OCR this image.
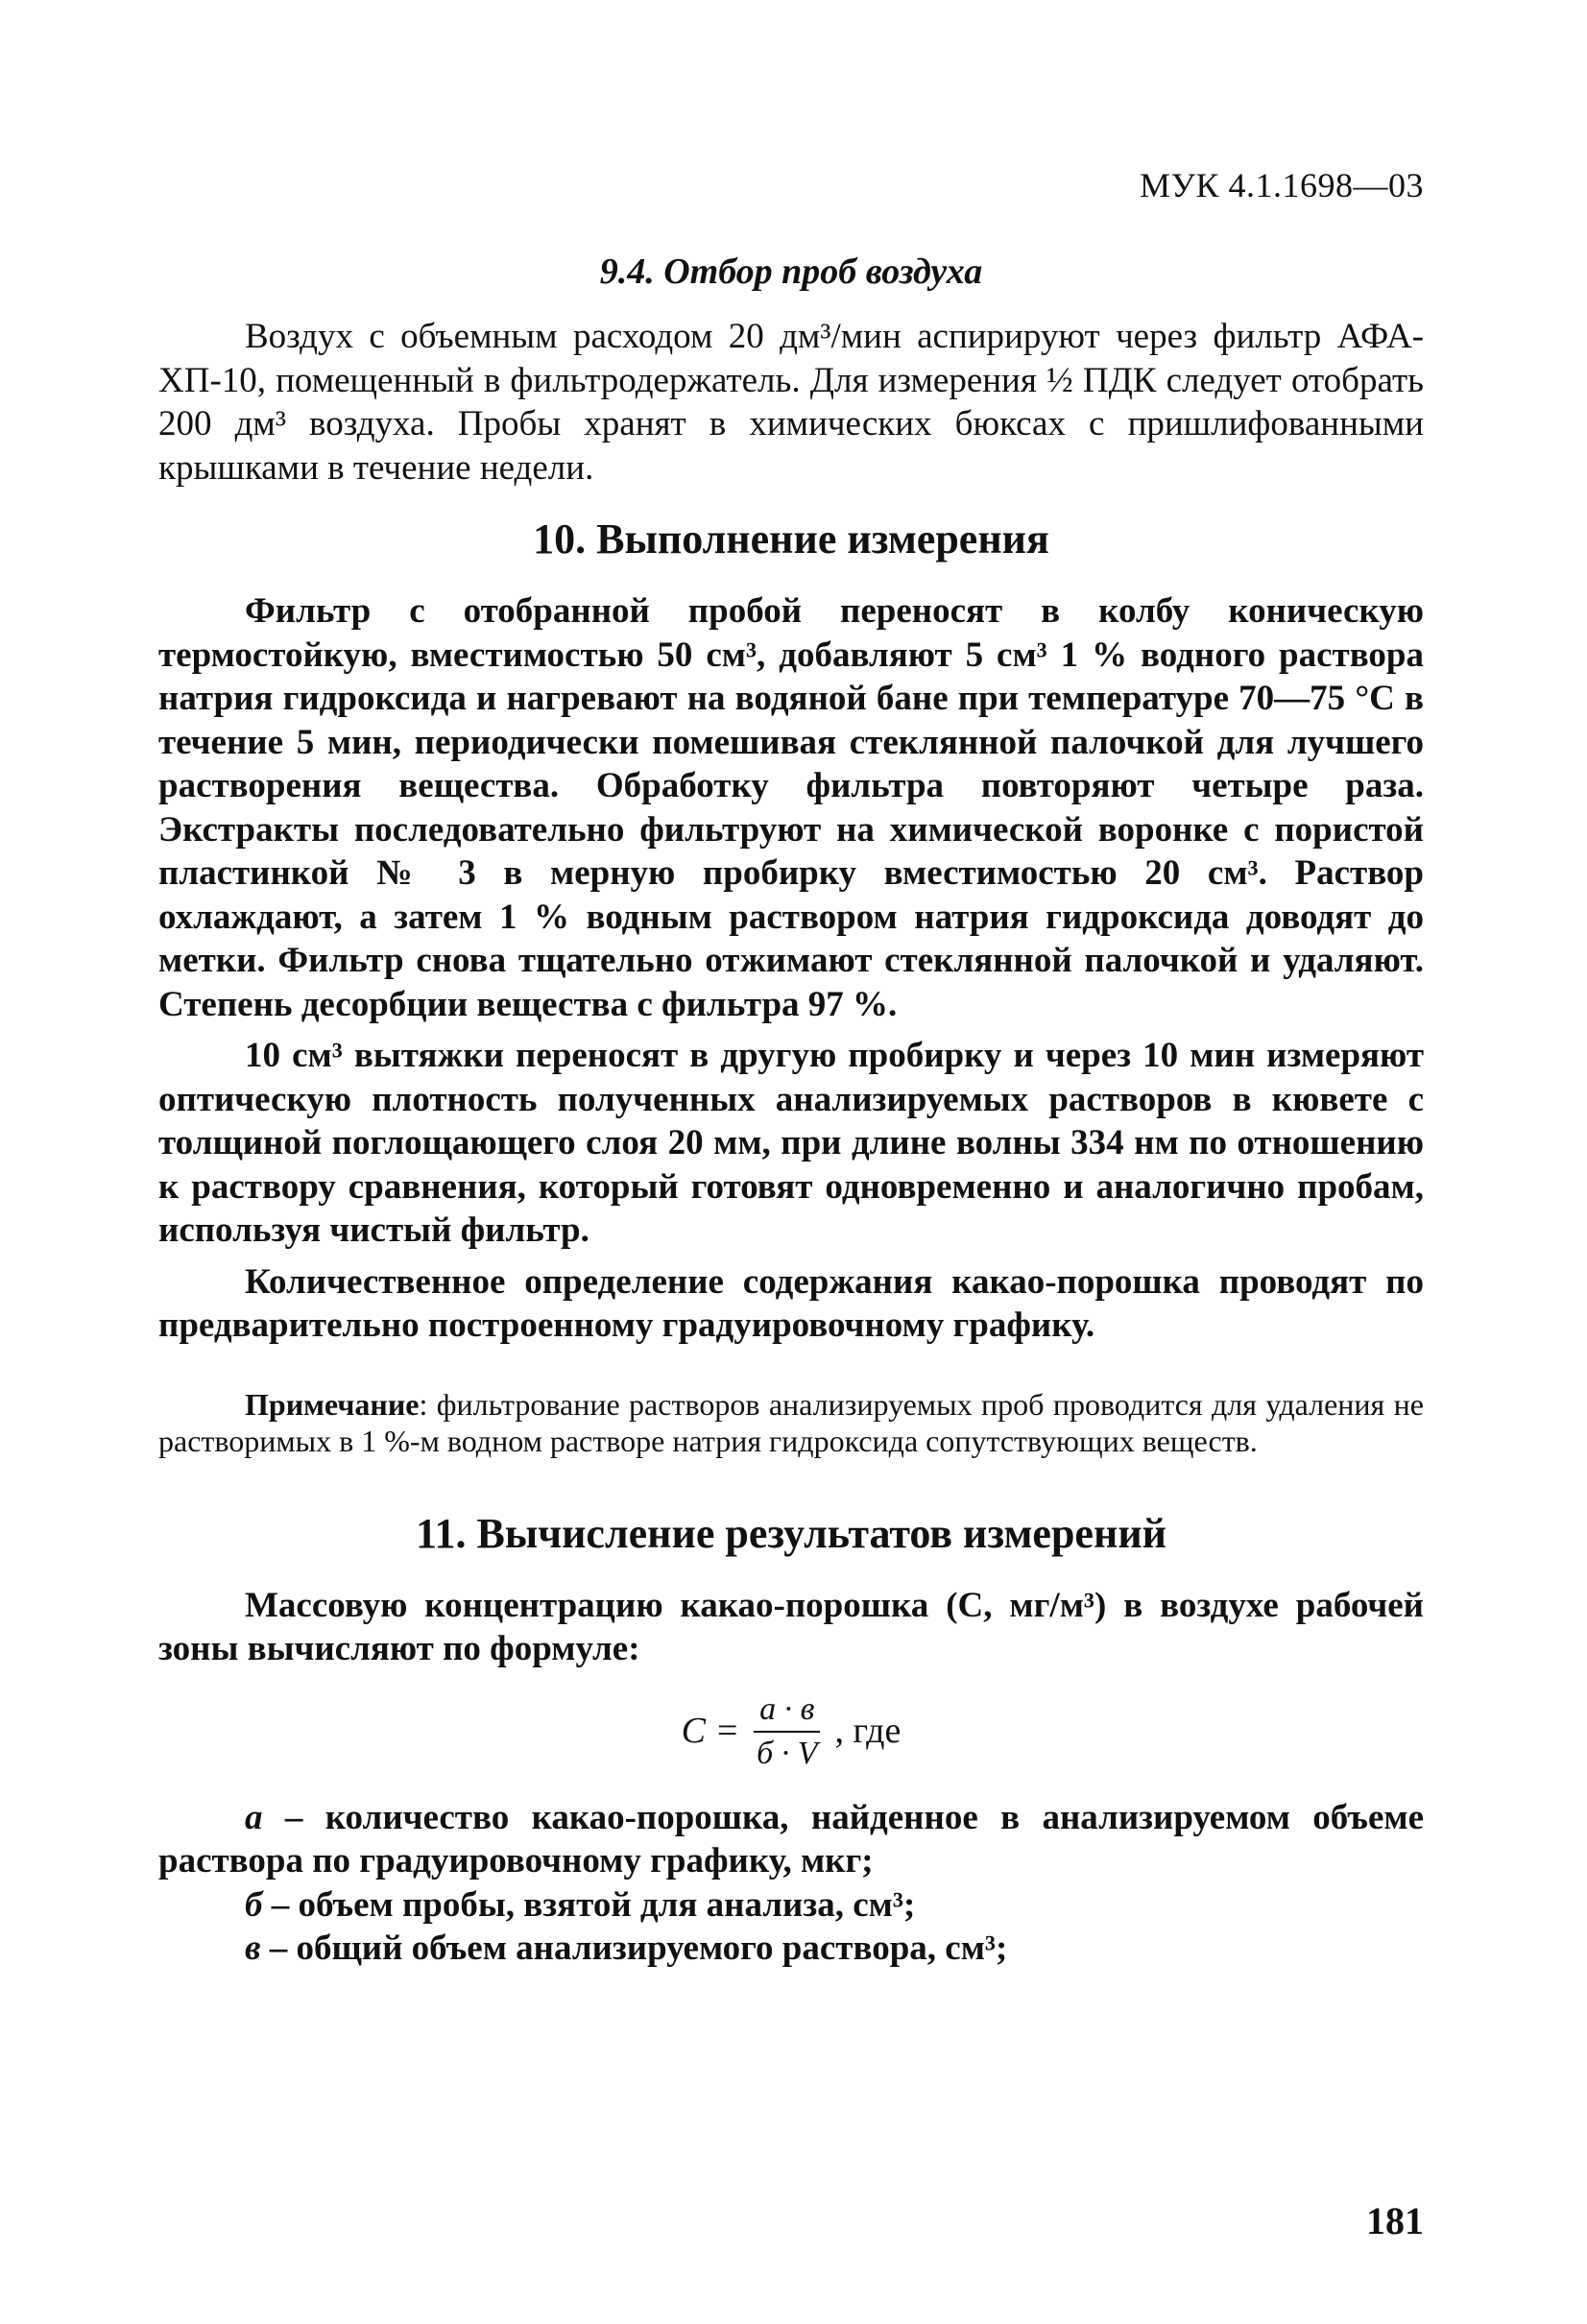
МУК 4.1.1698—03
9.4. Отбор проб воздуха

Воздух с объемным расходом 20 дм³/мин аспирируют через фильтр АФА-ХП-10, помещенный в фильтродержатель. Для измерения ½ ПДК следует отобрать 200 дм³ воздуха. Пробы хранят в химических бюксах с пришлифованными крышками в течение недели.

10. Выполнение измерения

Фильтр с отобранной пробой переносят в колбу коническую термостойкую, вместимостью 50 см³, добавляют 5 см³ 1 % водного раствора натрия гидроксида и нагревают на водяной бане при температуре 70—75 °С в течение 5 мин, периодически помешивая стеклянной палочкой для лучшего растворения вещества. Обработку фильтра повторяют четыре раза. Экстракты последовательно фильтруют на химической воронке с пористой пластинкой № 3 в мерную пробирку вместимостью 20 см³. Раствор охлаждают, а затем 1 % водным раствором натрия гидроксида доводят до метки. Фильтр снова тщательно отжимают стеклянной палочкой и удаляют. Степень десорбции вещества с фильтра 97 %.

10 см³ вытяжки переносят в другую пробирку и через 10 мин измеряют оптическую плотность полученных анализируемых растворов в кювете с толщиной поглощающего слоя 20 мм, при длине волны 334 нм по отношению к раствору сравнения, который готовят одновременно и аналогично пробам, используя чистый фильтр.

Количественное определение содержания какао-порошка проводят по предварительно построенному градуировочному графику.

Примечание: фильтрование растворов анализируемых проб проводится для удаления не растворимых в 1 %-м водном растворе натрия гидроксида сопутствующих веществ.

11. Вычисление результатов измерений

Массовую концентрацию какао-порошка (С, мг/м³) в воздухе рабочей зоны вычисляют по формуле:

$С = \frac{а \cdot в}{б \cdot V}$ , где

а – количество какао-порошка, найденное в анализируемом объеме раствора по градуировочному графику, мкг;

б – объем пробы, взятой для анализа, см³;

в – общий объем анализируемого раствора, см³;

181
